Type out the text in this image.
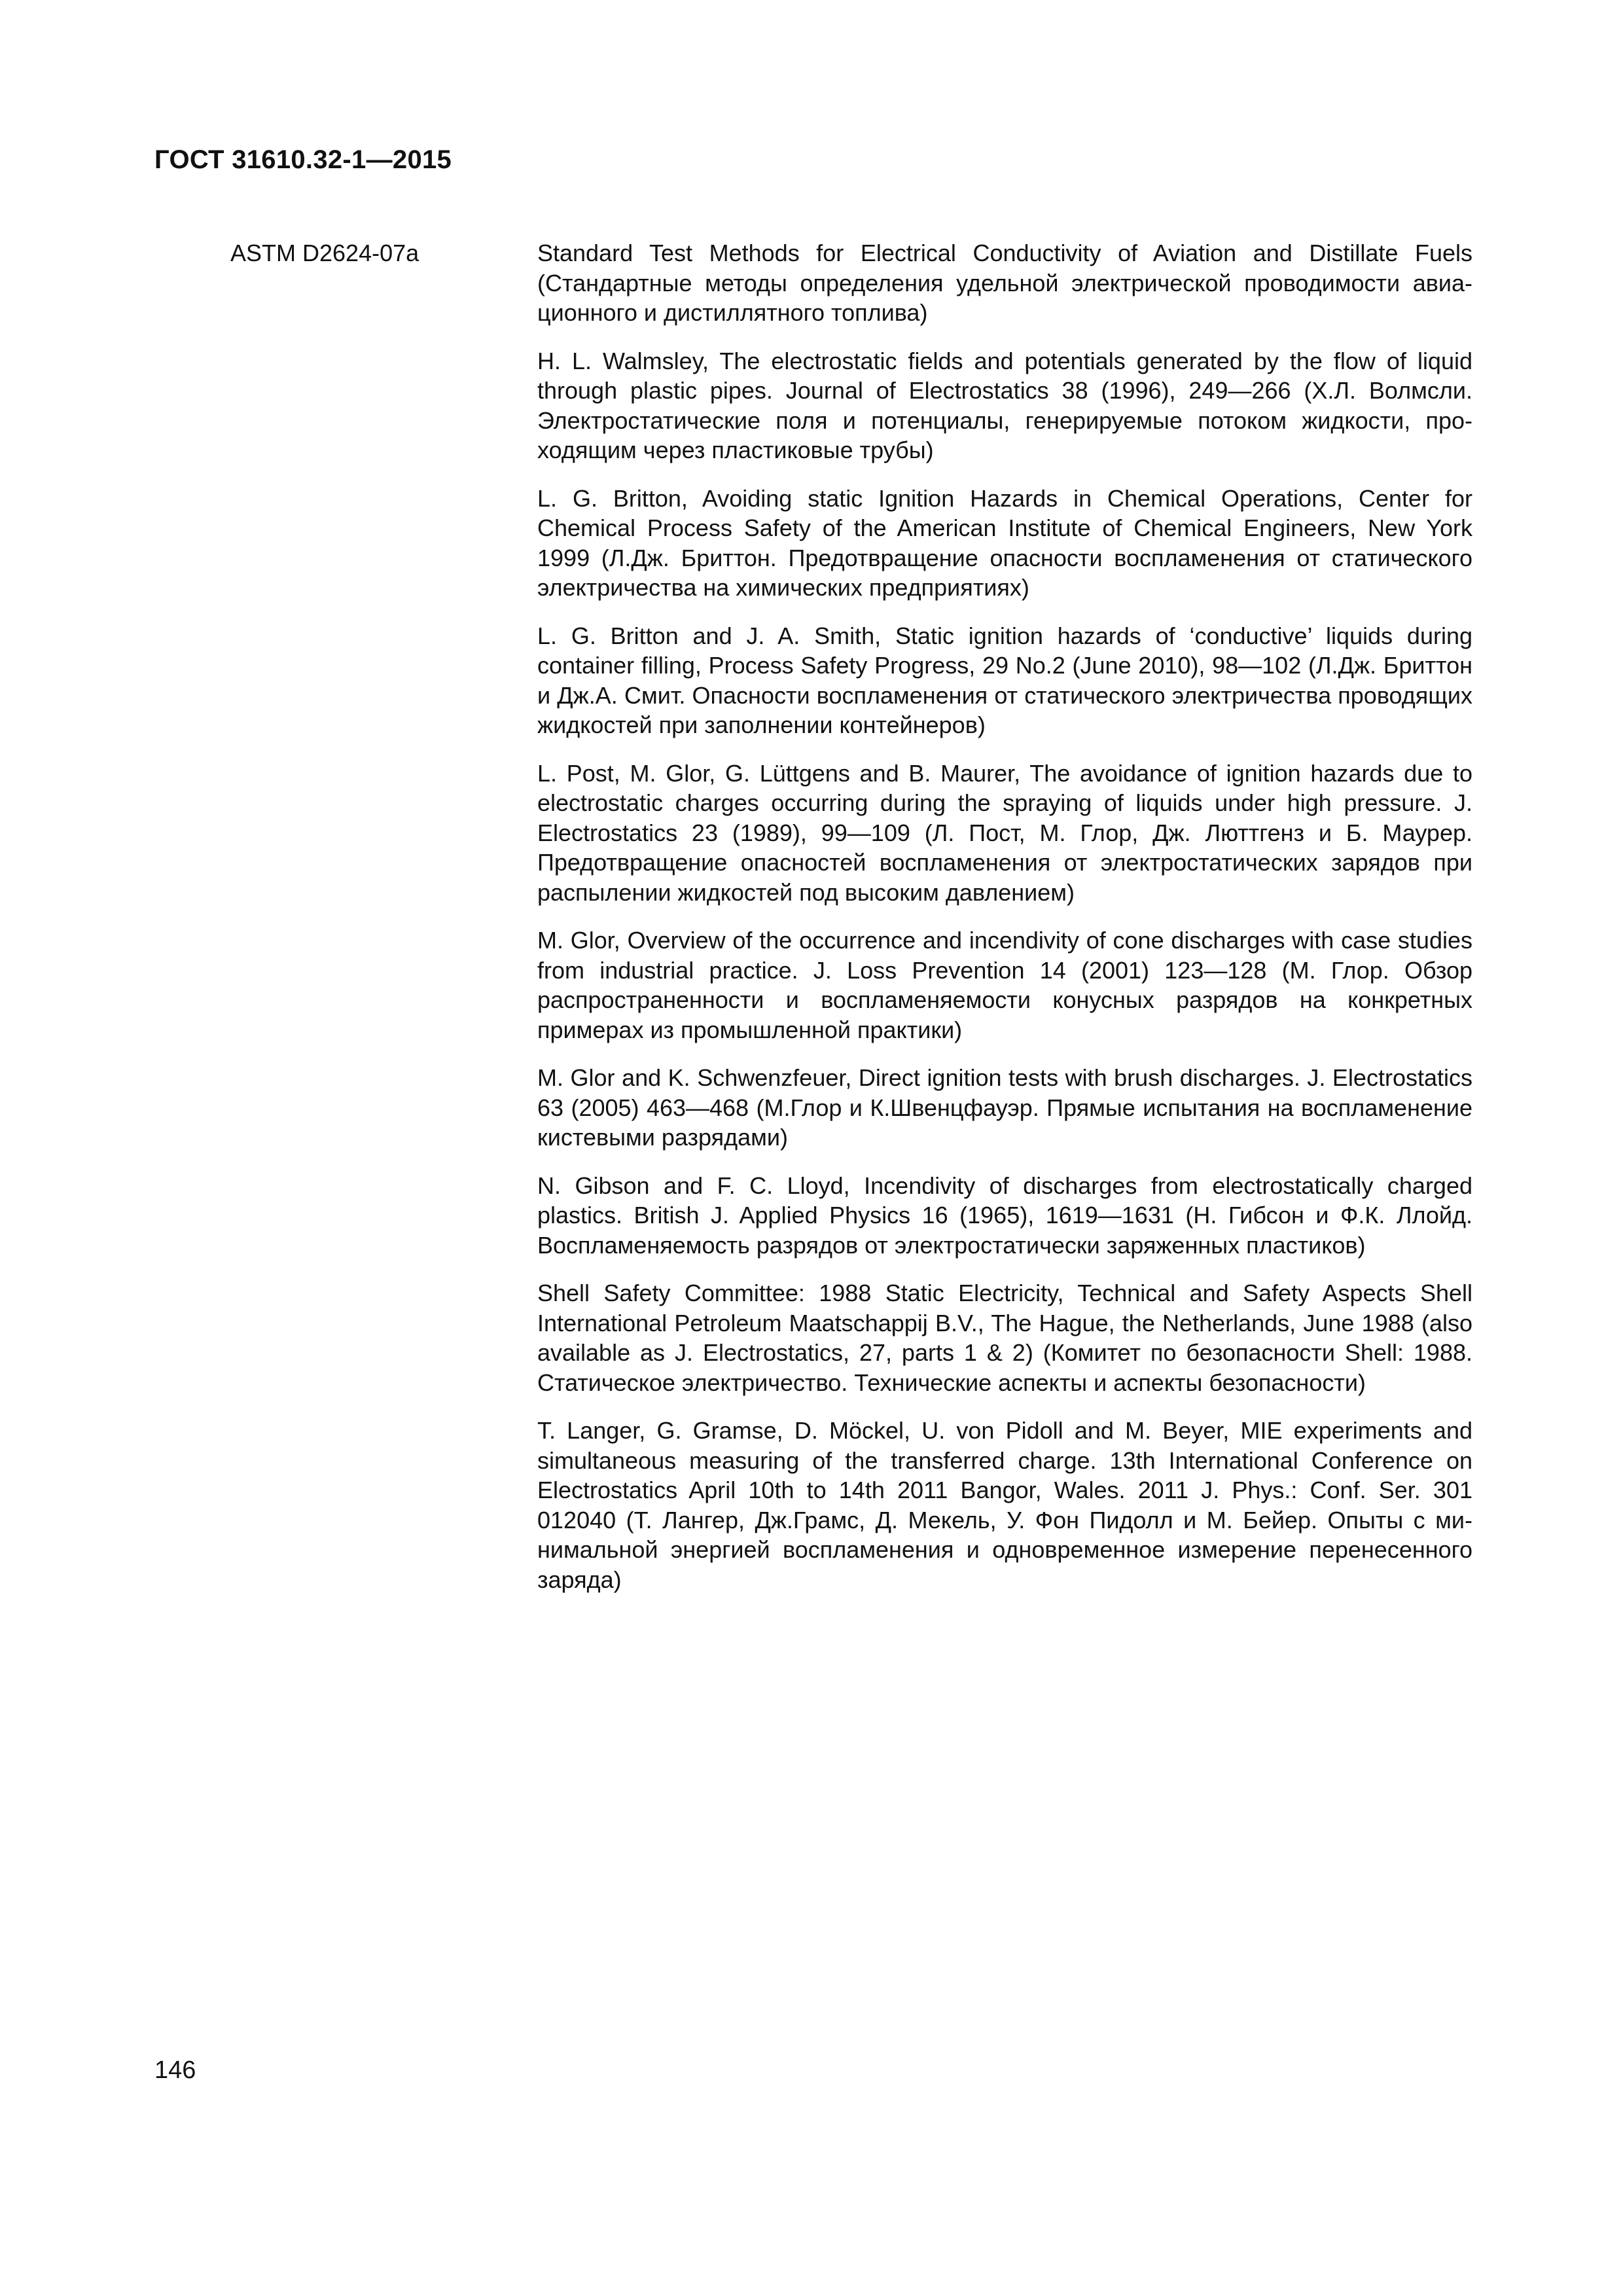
ГОСТ 31610.32-1—2015
ASTM D2624-07a	Standard Test Methods for Electrical Conductivity of Aviation and Distillate Fuels (Стандартные методы определения удельной электрической проводимости авиационного и дистиллятного топлива)

H. L. Walmsley, The electrostatic fields and potentials generated by the flow of liquid through plastic pipes. Journal of Electrostatics 38 (1996), 249—266 (Х.Л. Волмсли. Электростатические поля и потенциалы, генерируемые потоком жидкости, проходящим через пластиковые трубы)

L. G. Britton, Avoiding static Ignition Hazards in Chemical Operations, Center for Chemical Process Safety of the American Institute of Chemical Engineers, New York 1999 (Л.Дж. Бриттон. Предотвращение опасности воспламенения от статического электричества на химических предприятиях)

L. G. Britton and J. A. Smith, Static ignition hazards of ‘conductive’ liquids during container filling, Process Safety Progress, 29 No.2 (June 2010), 98—102 (Л.Дж. Бриттон и Дж.А. Смит. Опасности воспламенения от статического электричества проводящих жидкостей при заполнении контейнеров)

L. Post, M. Glor, G. Lüttgens and B. Maurer, The avoidance of ignition hazards due to electrostatic charges occurring during the spraying of liquids under high pressure. J. Electrostatics 23 (1989), 99—109 (Л. Пост, М. Глор, Дж. Люттгенз и Б. Маурер. Предотвращение опасностей воспламенения от электростатических зарядов при распылении жидкостей под высоким давлением)

M. Glor, Overview of the occurrence and incendivity of cone discharges with case studies from industrial practice. J. Loss Prevention 14 (2001) 123—128 (М. Глор. Обзор распространенности и воспламеняемости конусных разрядов на конкретных примерах из промышленной практики)

M. Glor and K. Schwenzfeuer, Direct ignition tests with brush discharges. J. Electrostatics 63 (2005) 463—468 (М.Глор и К.Швенцфауэр. Прямые испытания на воспламенение кистевыми разрядами)

N. Gibson and F. C. Lloyd, Incendivity of discharges from electrostatically charged plastics. British J. Applied Physics 16 (1965), 1619—1631 (Н. Гибсон и Ф.К. Ллойд. Воспламеняемость разрядов от электростатически заряженных пластиков)

Shell Safety Committee: 1988 Static Electricity, Technical and Safety Aspects Shell International Petroleum Maatschappij B.V., The Hague, the Netherlands, June 1988 (also available as J. Electrostatics, 27, parts 1 & 2) (Комитет по безопасности Shell: 1988. Статическое электричество. Технические аспекты и аспекты безопасности)

T. Langer, G. Gramse, D. Möckel, U. von Pidoll and M. Beyer, MIE experiments and simultaneous measuring of the transferred charge. 13th International Conference on Electrostatics April 10th to 14th 2011 Bangor, Wales. 2011 J. Phys.: Conf. Ser. 301 012040 (Т. Лангер, Дж.Грамс, Д. Мекель, У. Фон Пидолл и М. Бейер. Опыты с минимальной энергией воспламенения и одновременное измерение перенесенного заряда)

146
